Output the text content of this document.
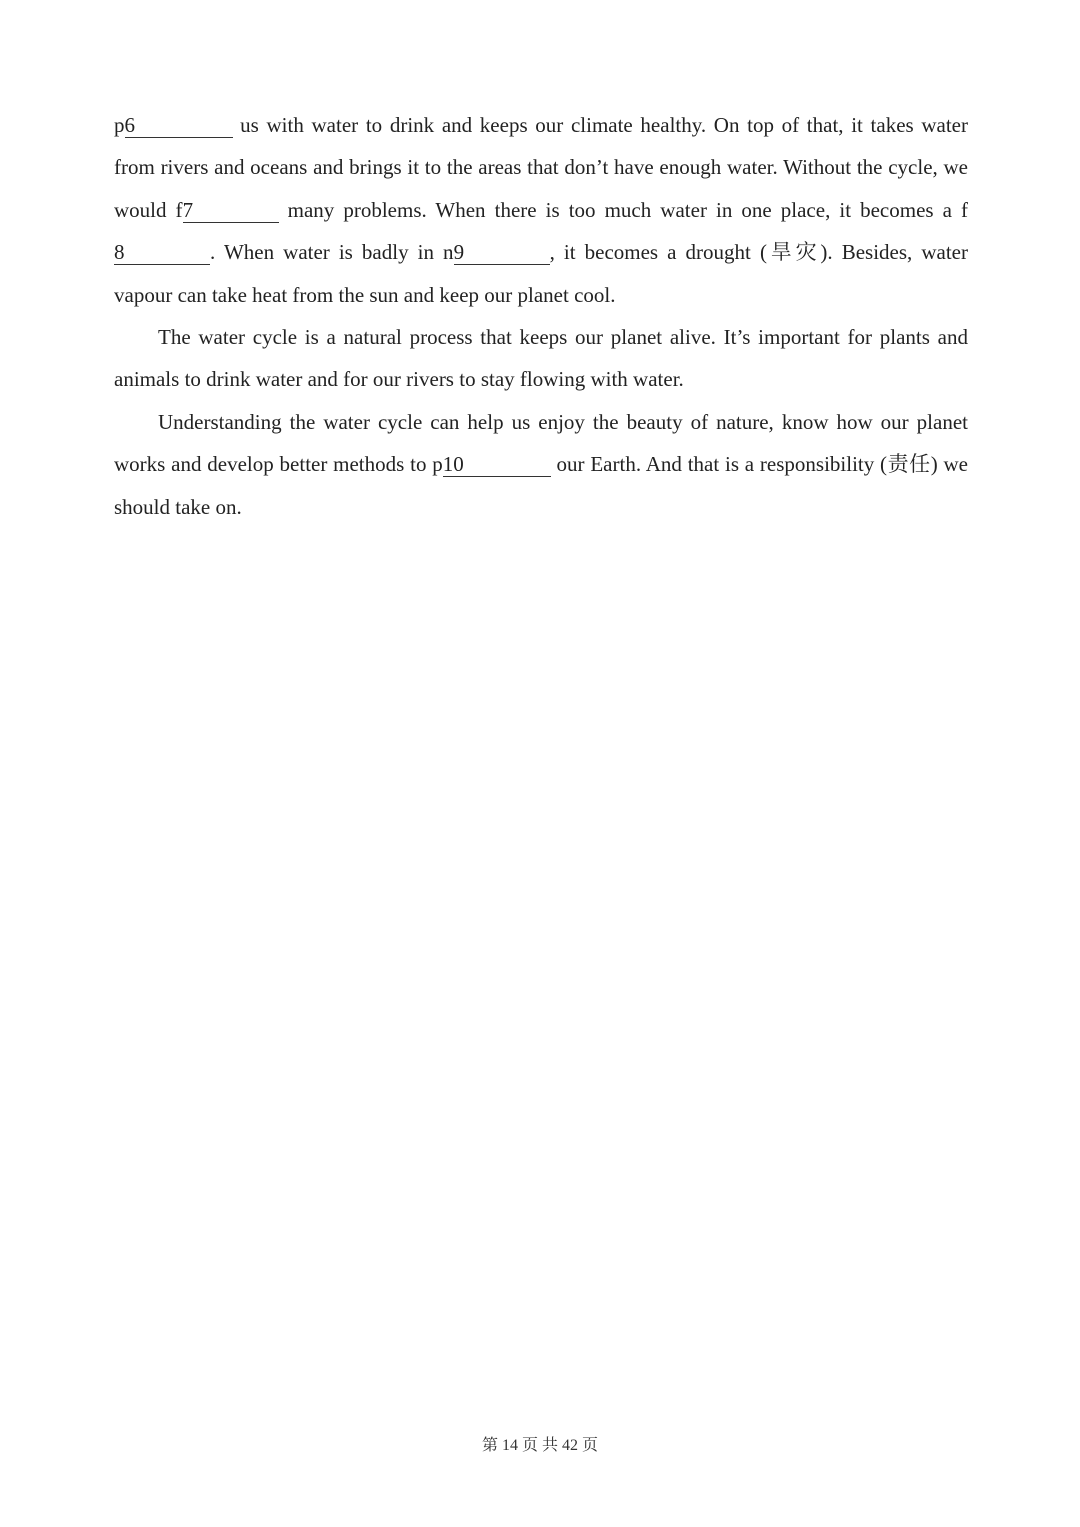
p6	us with water to drink and keeps our climate healthy. On top of that, it takes water from rivers and oceans and brings it to the areas that don’t have enough water. Without the cycle, we would f7	many problems. When there is too much water in one place, it becomes a f8	. When water is badly in n9	, it becomes a drought (旱灾). Besides, water vapour can take heat from the sun and keep our planet cool.

The water cycle is a natural process that keeps our planet alive. It’s important for plants and animals to drink water and for our rivers to stay flowing with water.

Understanding the water cycle can help us enjoy the beauty of nature, know how our planet works and develop better methods to p10	our Earth. And that is a responsibility (责任) we should take on.

第 14 页 共 42 页
